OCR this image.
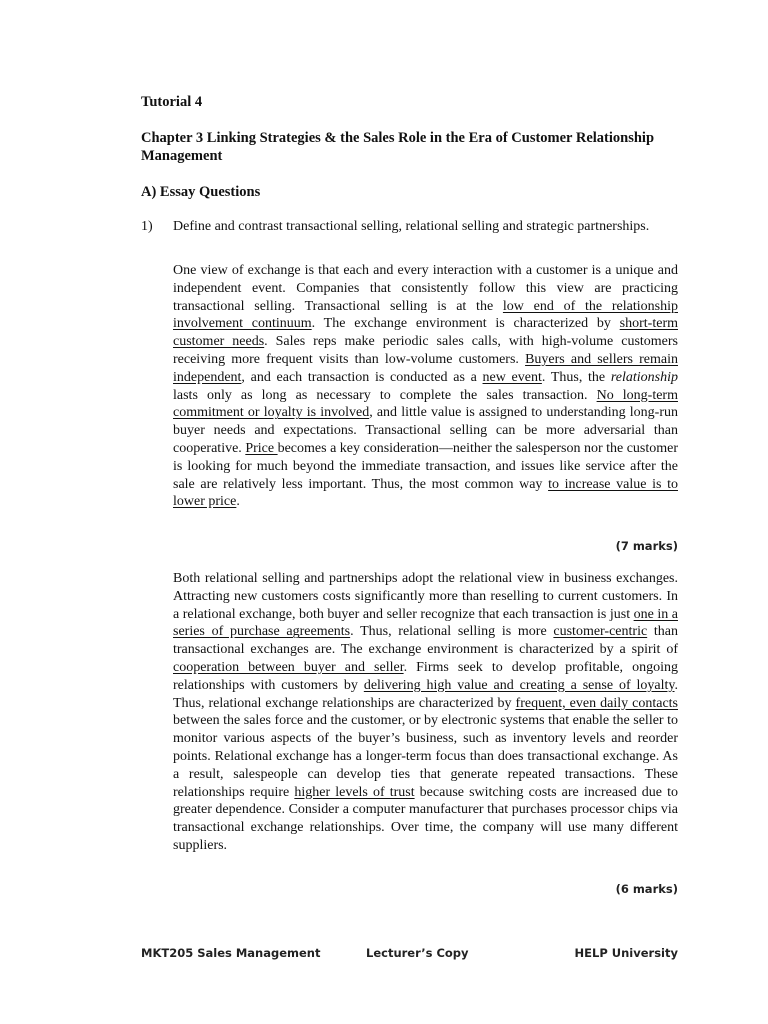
Tutorial 4
Chapter 3 Linking Strategies & the Sales Role in the Era of Customer Relationship Management
A) Essay Questions
1) Define and contrast transactional selling, relational selling and strategic partnerships.
One view of exchange is that each and every interaction with a customer is a unique and independent event. Companies that consistently follow this view are practicing transactional selling. Transactional selling is at the low end of the relationship involvement continuum. The exchange environment is characterized by short-term customer needs. Sales reps make periodic sales calls, with high-volume customers receiving more frequent visits than low-volume customers. Buyers and sellers remain independent, and each transaction is conducted as a new event. Thus, the relationship lasts only as long as necessary to complete the sales transaction. No long-term commitment or loyalty is involved, and little value is assigned to understanding long-run buyer needs and expectations. Transactional selling can be more adversarial than cooperative. Price becomes a key consideration—neither the salesperson nor the customer is looking for much beyond the immediate transaction, and issues like service after the sale are relatively less important. Thus, the most common way to increase value is to lower price.
(7 marks)
Both relational selling and partnerships adopt the relational view in business exchanges. Attracting new customers costs significantly more than reselling to current customers. In a relational exchange, both buyer and seller recognize that each transaction is just one in a series of purchase agreements. Thus, relational selling is more customer-centric than transactional exchanges are. The exchange environment is characterized by a spirit of cooperation between buyer and seller. Firms seek to develop profitable, ongoing relationships with customers by delivering high value and creating a sense of loyalty. Thus, relational exchange relationships are characterized by frequent, even daily contacts between the sales force and the customer, or by electronic systems that enable the seller to monitor various aspects of the buyer’s business, such as inventory levels and reorder points. Relational exchange has a longer-term focus than does transactional exchange. As a result, salespeople can develop ties that generate repeated transactions. These relationships require higher levels of trust because switching costs are increased due to greater dependence. Consider a computer manufacturer that purchases processor chips via transactional exchange relationships. Over time, the company will use many different suppliers.
(6 marks)
MKT205 Sales Management	Lecturer’s Copy	HELP University
